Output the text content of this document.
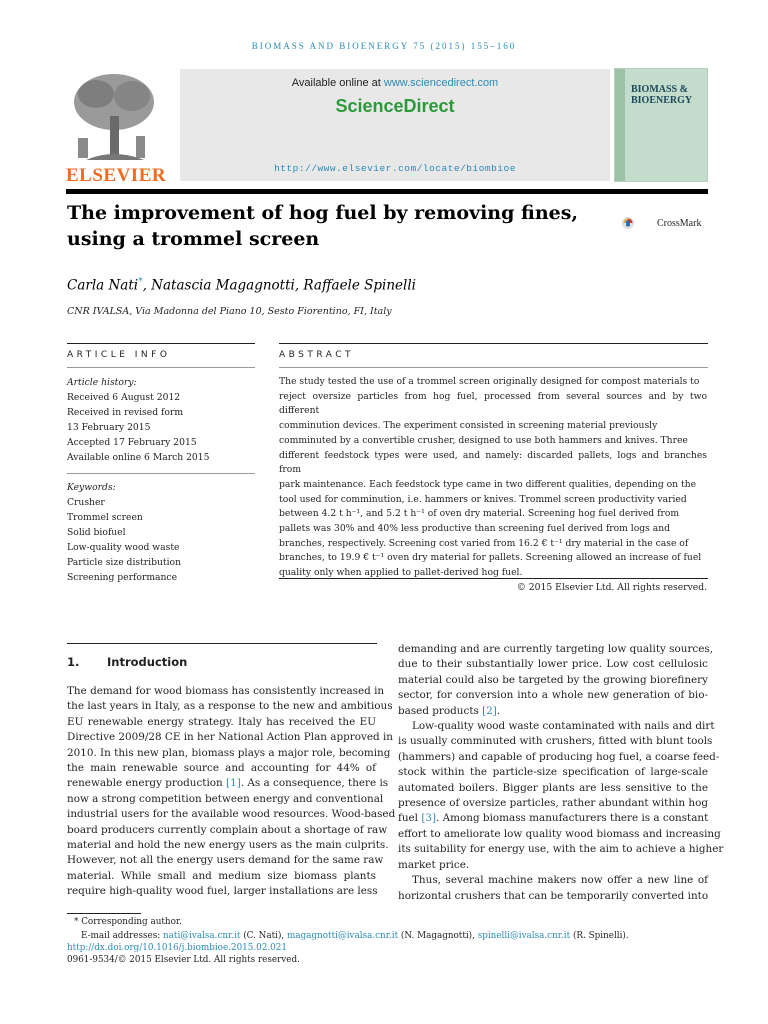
BIOMASS AND BIOENERGY 75 (2015) 155–160
ELSEVIER
Available online at www.sciencedirect.com
ScienceDirect
http://www.elsevier.com/locate/biombioe
BIOMASS &
BIOENERGY
The improvement of hog fuel by removing fines,
using a trommel screen
CrossMark
Carla Nati*, Natascia Magagnotti, Raffaele Spinelli
CNR IVALSA, Via Madonna del Piano 10, Sesto Fiorentino, FI, Italy
ARTICLE INFO	ABSTRACT
Article history:
Received 6 August 2012
Received in revised form
13 February 2015
Accepted 17 February 2015
Available online 6 March 2015
Keywords:
Crusher
Trommel screen
Solid biofuel
Low-quality wood waste
Particle size distribution
Screening performance
The study tested the use of a trommel screen originally designed for compost materials to
reject oversize particles from hog fuel, processed from several sources and by two different
comminution devices. The experiment consisted in screening material previously
comminuted by a convertible crusher, designed to use both hammers and knives. Three
different feedstock types were used, and namely: discarded pallets, logs and branches from
park maintenance. Each feedstock type came in two different qualities, depending on the
tool used for comminution, i.e. hammers or knives. Trommel screen productivity varied
between 4.2 t h⁻¹, and 5.2 t h⁻¹ of oven dry material. Screening hog fuel derived from
pallets was 30% and 40% less productive than screening fuel derived from logs and
branches, respectively. Screening cost varied from 16.2 € t⁻¹ dry material in the case of
branches, to 19.9 € t⁻¹ oven dry material for pallets. Screening allowed an increase of fuel
quality only when applied to pallet-derived hog fuel.
© 2015 Elsevier Ltd. All rights reserved.
1. Introduction
The demand for wood biomass has consistently increased in
the last years in Italy, as a response to the new and ambitious
EU renewable energy strategy. Italy has received the EU
Directive 2009/28 CE in her National Action Plan approved in
2010. In this new plan, biomass plays a major role, becoming
the main renewable source and accounting for 44% of
renewable energy production [1]. As a consequence, there is
now a strong competition between energy and conventional
industrial users for the available wood resources. Wood-based
board producers currently complain about a shortage of raw
material and hold the new energy users as the main culprits.
However, not all the energy users demand for the same raw
material. While small and medium size biomass plants
require high-quality wood fuel, larger installations are less
demanding and are currently targeting low quality sources,
due to their substantially lower price. Low cost cellulosic
material could also be targeted by the growing biorefinery
sector, for conversion into a whole new generation of bio-
based products [2].
Low-quality wood waste contaminated with nails and dirt
is usually comminuted with crushers, fitted with blunt tools
(hammers) and capable of producing hog fuel, a coarse feed-
stock within the particle-size specification of large-scale
automated boilers. Bigger plants are less sensitive to the
presence of oversize particles, rather abundant within hog
fuel [3]. Among biomass manufacturers there is a constant
effort to ameliorate low quality wood biomass and increasing
its suitability for energy use, with the aim to achieve a higher
market price.
Thus, several machine makers now offer a new line of
horizontal crushers that can be temporarily converted into
* Corresponding author.
E-mail addresses: nati@ivalsa.cnr.it (C. Nati), magagnotti@ivalsa.cnr.it (N. Magagnotti), spinelli@ivalsa.cnr.it (R. Spinelli).
http://dx.doi.org/10.1016/j.biombioe.2015.02.021
0961-9534/© 2015 Elsevier Ltd. All rights reserved.
